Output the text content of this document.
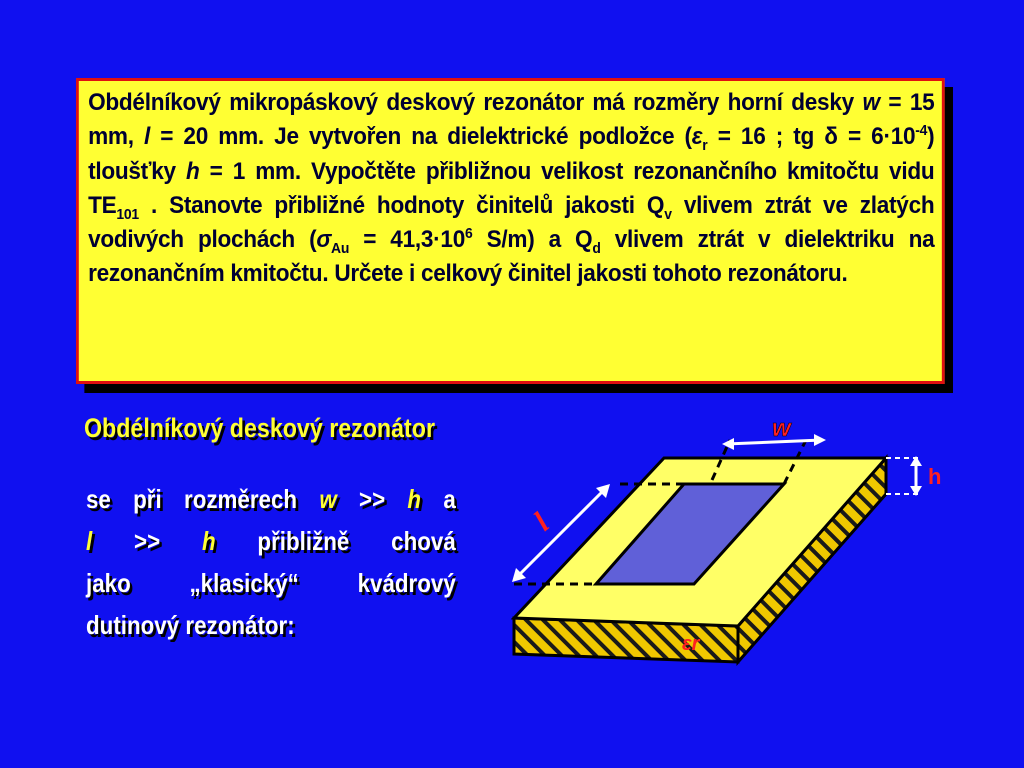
Obdélníkový mikropáskový deskový rezonátor má rozměry horní desky w = 15 mm, l = 20 mm. Je vytvořen na dielektrické podložce ($\varepsilon_r = 16$ ; tg $\delta = 6\cdot 10^{-4}$) tloušťky h = 1 mm. Vypočtěte přibližnou velikost rezonančního kmitočtu vidu $TE_{101}$ . Stanovte přibližné hodnoty činitelů jakosti $Q_v$ vlivem ztrát ve zlatých vodivých plochách ($\sigma_{Au} = 41,3\cdot 10^6$ S/m) a $Q_d$ vlivem ztrát v dielektriku na rezonančním kmitočtu. Určete i celkový činitel jakosti tohoto rezonátoru.
Obdélníkový deskový rezonátor
se při rozměrech w >> h a
l >> h přibližně chová
jako „klasický“ kvádrový
dutinový rezonátor:
w
l
h
εr
